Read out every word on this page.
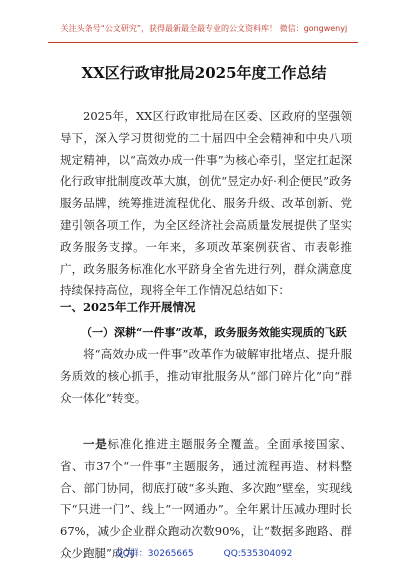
关注头条号“公文研究”，获得最新最全最专业的公文资料库！ 微信：gongwenyj
XX区行政审批局2025年度工作总结
2025年，XX区行政审批局在区委、区政府的坚强领导下，深入学习贯彻党的二十届四中全会精神和中央八项规定精神，以“高效办成一件事”为核心牵引，坚定扛起深化行政审批制度改革大旗，创优“昱定办好·利企便民”政务服务品牌，统筹推进流程优化、服务升级、改革创新、党建引领各项工作，为全区经济社会高质量发展提供了坚实政务服务支撑。一年来，多项改革案例获省、市表彰推广，政务服务标准化水平跻身全省先进行列，群众满意度持续保持高位，现将全年工作情况总结如下：
一、2025年工作开展情况
（一）深耕“一件事”改革，政务服务效能实现质的飞跃
将“高效办成一件事”改革作为破解审批堵点、提升服务质效的核心抓手，推动审批服务从“部门碎片化”向“群众一体化”转变。
一是标准化推进主题服务全覆盖。全面承接国家、省、市37个“一件事”主题服务，通过流程再造、材料整合、部门协同，彻底打破“多头跑、多次跑”壁垒，实现线下“只进一门”、线上“一网通办”。全年累计压减办理时长67%，减少企业群众跑动次数90%，让“数据多跑路、群众少跑腿”成为
QQ群：30265665	QQ:535304092
